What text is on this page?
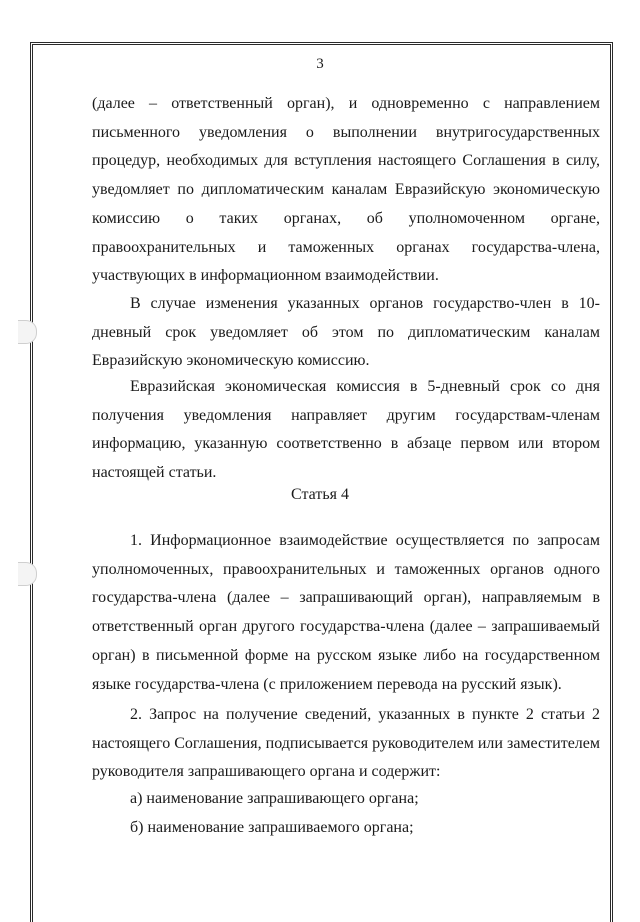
3

(далее – ответственный орган), и одновременно с направлением письменного уведомления о выполнении внутригосударственных процедур, необходимых для вступления настоящего Соглашения в силу, уведомляет по дипломатическим каналам Евразийскую экономическую комиссию о таких органах, об уполномоченном органе, правоохранительных и таможенных органах государства-члена, участвующих в информационном взаимодействии.

В случае изменения указанных органов государство-член в 10-дневный срок уведомляет об этом по дипломатическим каналам Евразийскую экономическую комиссию.

Евразийская экономическая комиссия в 5-дневный срок со дня получения уведомления направляет другим государствам-членам информацию, указанную соответственно в абзаце первом или втором настоящей статьи.

Статья 4

1. Информационное взаимодействие осуществляется по запросам уполномоченных, правоохранительных и таможенных органов одного государства-члена (далее – запрашивающий орган), направляемым в ответственный орган другого государства-члена (далее – запрашиваемый орган) в письменной форме на русском языке либо на государственном языке государства-члена (с приложением перевода на русский язык).

2. Запрос на получение сведений, указанных в пункте 2 статьи 2 настоящего Соглашения, подписывается руководителем или заместителем руководителя запрашивающего органа и содержит:

а) наименование запрашивающего органа;
б) наименование запрашиваемого органа;
